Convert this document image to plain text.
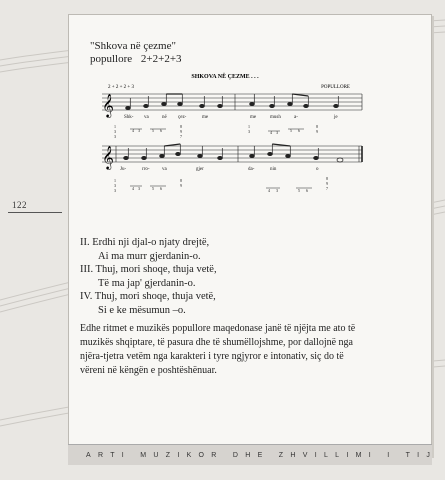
122
"Shkova në çezme"
popullore 2+2+2+3
SHKOVA NË ÇEZME . . .
POPULLORE
2 + 2 + 2 + 3
𝄞
Shk- va	në çez-	me	me	mush	a-	je
1
3
3
4 3	5 6
8
9
7
1
3	4 3	5 6
8
9
𝄞
Ju-	rro-	va	gjer	da-	nin	o
1
3
3	4 3	5 6
8
9
4 3	5 6
8
9
7
II. Erdhi nji djal-o njaty drejtë,
Ai ma murr gjerdanin-o.
III. Thuj, mori shoqe, thuja vetë,
Të ma jap' gjerdanin-o.
IV. Thuj, mori shoqe, thuja vetë,
Si e ke mësumun –o.
Edhe ritmet e muzikës popullore maqedonase janë të njëjta me ato të muzikës shqiptare, të pasura dhe të shumëllojshme, por dallojnë nga njëra-tjetra vetëm nga karakteri i tyre ngjyror e intonativ, siç do të vëreni në këngën e poshtëshënuar.
ARTI MUZIKOR DHE ZHVILLIMI I TIJ
